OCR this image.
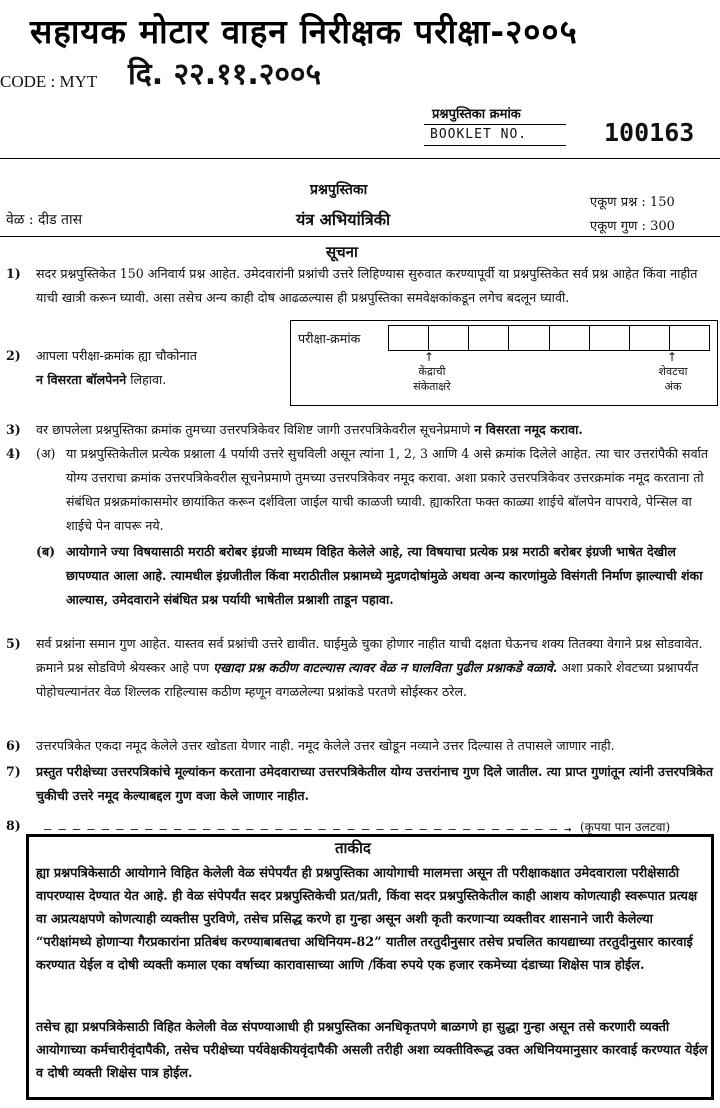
सहायक मोटार वाहन निरीक्षक परीक्षा-२००५
CODE : MYT दि. २२.११.२००५
प्रश्नपुस्तिका क्रमांक
BOOKLET NO.	100163
प्रश्नपुस्तिका
यंत्र अभियांत्रिकी
वेळ : दीड तास
एकूण प्रश्न : 150
एकूण गुण : 300
सूचना
1) सदर प्रश्नपुस्तिकेत 150 अनिवार्य प्रश्न आहेत. उमेदवारांनी प्रश्नांची उत्तरे लिहिण्यास सुरुवात करण्यापूर्वी या प्रश्नपुस्तिकेत सर्व प्रश्न आहेत किंवा नाहीत याची खात्री करून घ्यावी. असा तसेच अन्य काही दोष आढळल्यास ही प्रश्नपुस्तिका समवेक्षकांकडून लगेच बदलून घ्यावी.
2) आपला परीक्षा-क्रमांक ह्या चौकोनात
न विसरता बॉलपेनने लिहावा.
परीक्षा-क्रमांक
↑
केंद्राची
संकेताक्षरे
↑
शेवटचा
अंक
3) वर छापलेला प्रश्नपुस्तिका क्रमांक तुमच्या उत्तरपत्रिकेवर विशिष्ट जागी उत्तरपत्रिकेवरील सूचनेप्रमाणे न विसरता नमूद करावा.
4) (अ) या प्रश्नपुस्तिकेतील प्रत्येक प्रश्नाला 4 पर्यायी उत्तरे सुचविली असून त्यांना 1, 2, 3 आणि 4 असे क्रमांक दिलेले आहेत. त्या चार उत्तरांपैकी सर्वात योग्य उत्तराचा क्रमांक उत्तरपत्रिकेवरील सूचनेप्रमाणे तुमच्या उत्तरपत्रिकेवर नमूद करावा. अशा प्रकारे उत्तरपत्रिकेवर उत्तरक्रमांक नमूद करताना तो संबंधित प्रश्नक्रमांकासमोर छायांकित करून दर्शविला जाईल याची काळजी घ्यावी. ह्याकरिता फक्त काळ्या शाईचे बॉलपेन वापरावे, पेन्सिल वा शाईचे पेन वापरू नये.
(ब) आयोगाने ज्या विषयासाठी मराठी बरोबर इंग्रजी माध्यम विहित केलेले आहे, त्या विषयाचा प्रत्येक प्रश्न मराठी बरोबर इंग्रजी भाषेत देखील छापण्यात आला आहे. त्यामधील इंग्रजीतील किंवा मराठीतील प्रश्नामध्ये मुद्रणदोषांमुळे अथवा अन्य कारणांमुळे विसंगती निर्माण झाल्याची शंका आल्यास, उमेदवाराने संबंधित प्रश्न पर्यायी भाषेतील प्रश्नाशी ताडून पहावा.
5) सर्व प्रश्नांना समान गुण आहेत. यास्तव सर्व प्रश्नांची उत्तरे द्यावीत. घाईमुळे चुका होणार नाहीत याची दक्षता घेऊनच शक्य तितक्या वेगाने प्रश्न सोडवावेत. क्रमाने प्रश्न सोडविणे श्रेयस्कर आहे पण एखादा प्रश्न कठीण वाटल्यास त्यावर वेळ न घालविता पुढील प्रश्नाकडे वळावे. अशा प्रकारे शेवटच्या प्रश्नापर्यंत पोहोचल्यानंतर वेळ शिल्लक राहिल्यास कठीण म्हणून वगळलेल्या प्रश्नांकडे परतणे सोईस्कर ठरेल.
6) उत्तरपत्रिकेत एकदा नमूद केलेले उत्तर खोडता येणार नाही. नमूद केलेले उत्तर खोडून नव्याने उत्तर दिल्यास ते तपासले जाणार नाही.
7) प्रस्तुत परीक्षेच्या उत्तरपत्रिकांचे मूल्यांकन करताना उमेदवाराच्या उत्तरपत्रिकेतील योग्य उत्तरांनाच गुण दिले जातील. त्या प्राप्त गुणांतून त्यांनी उत्तरपत्रिकेत चुकीची उत्तरे नमूद केल्याबद्दल गुण वजा केले जाणार नाहीत.
8) — — — — — — — — — — — — — — — — — — — — — — — — — — — — — — — — — — — — → (कृपया पान उलटवा)
ताकीद
ह्या प्रश्नपत्रिकेसाठी आयोगाने विहित केलेली वेळ संपेपर्यंत ही प्रश्नपुस्तिका आयोगाची मालमत्ता असून ती परीक्षाकक्षात उमेदवाराला परीक्षेसाठी वापरण्यास देण्यात येत आहे. ही वेळ संपेपर्यंत सदर प्रश्नपुस्तिकेची प्रत/प्रती, किंवा सदर प्रश्नपुस्तिकेतील काही आशय कोणत्याही स्वरूपात प्रत्यक्ष वा अप्रत्यक्षपणे कोणत्याही व्यक्तीस पुरविणे, तसेच प्रसिद्ध करणे हा गुन्हा असून अशी कृती करणाऱ्या व्यक्तीवर शासनाने जारी केलेल्या “परीक्षांमध्ये होणाऱ्या गैरप्रकारांना प्रतिबंध करण्याबाबतचा अधिनियम-82” यातील तरतुदीनुसार तसेच प्रचलित कायद्याच्या तरतुदीनुसार कारवाई करण्यात येईल व दोषी व्यक्ती कमाल एका वर्षाच्या कारावासाच्या आणि /किंवा रुपये एक हजार रकमेच्या दंडाच्या शिक्षेस पात्र होईल.
तसेच ह्या प्रश्नपत्रिकेसाठी विहित केलेली वेळ संपण्याआधी ही प्रश्नपुस्तिका अनधिकृतपणे बाळगणे हा सुद्धा गुन्हा असून तसे करणारी व्यक्ती आयोगाच्या कर्मचारीवृंदापैकी, तसेच परीक्षेच्या पर्यवेक्षकीयवृंदापैकी असली तरीही अशा व्यक्तीविरूद्ध उक्त अधिनियमानुसार कारवाई करण्यात येईल व दोषी व्यक्ती शिक्षेस पात्र होईल.
